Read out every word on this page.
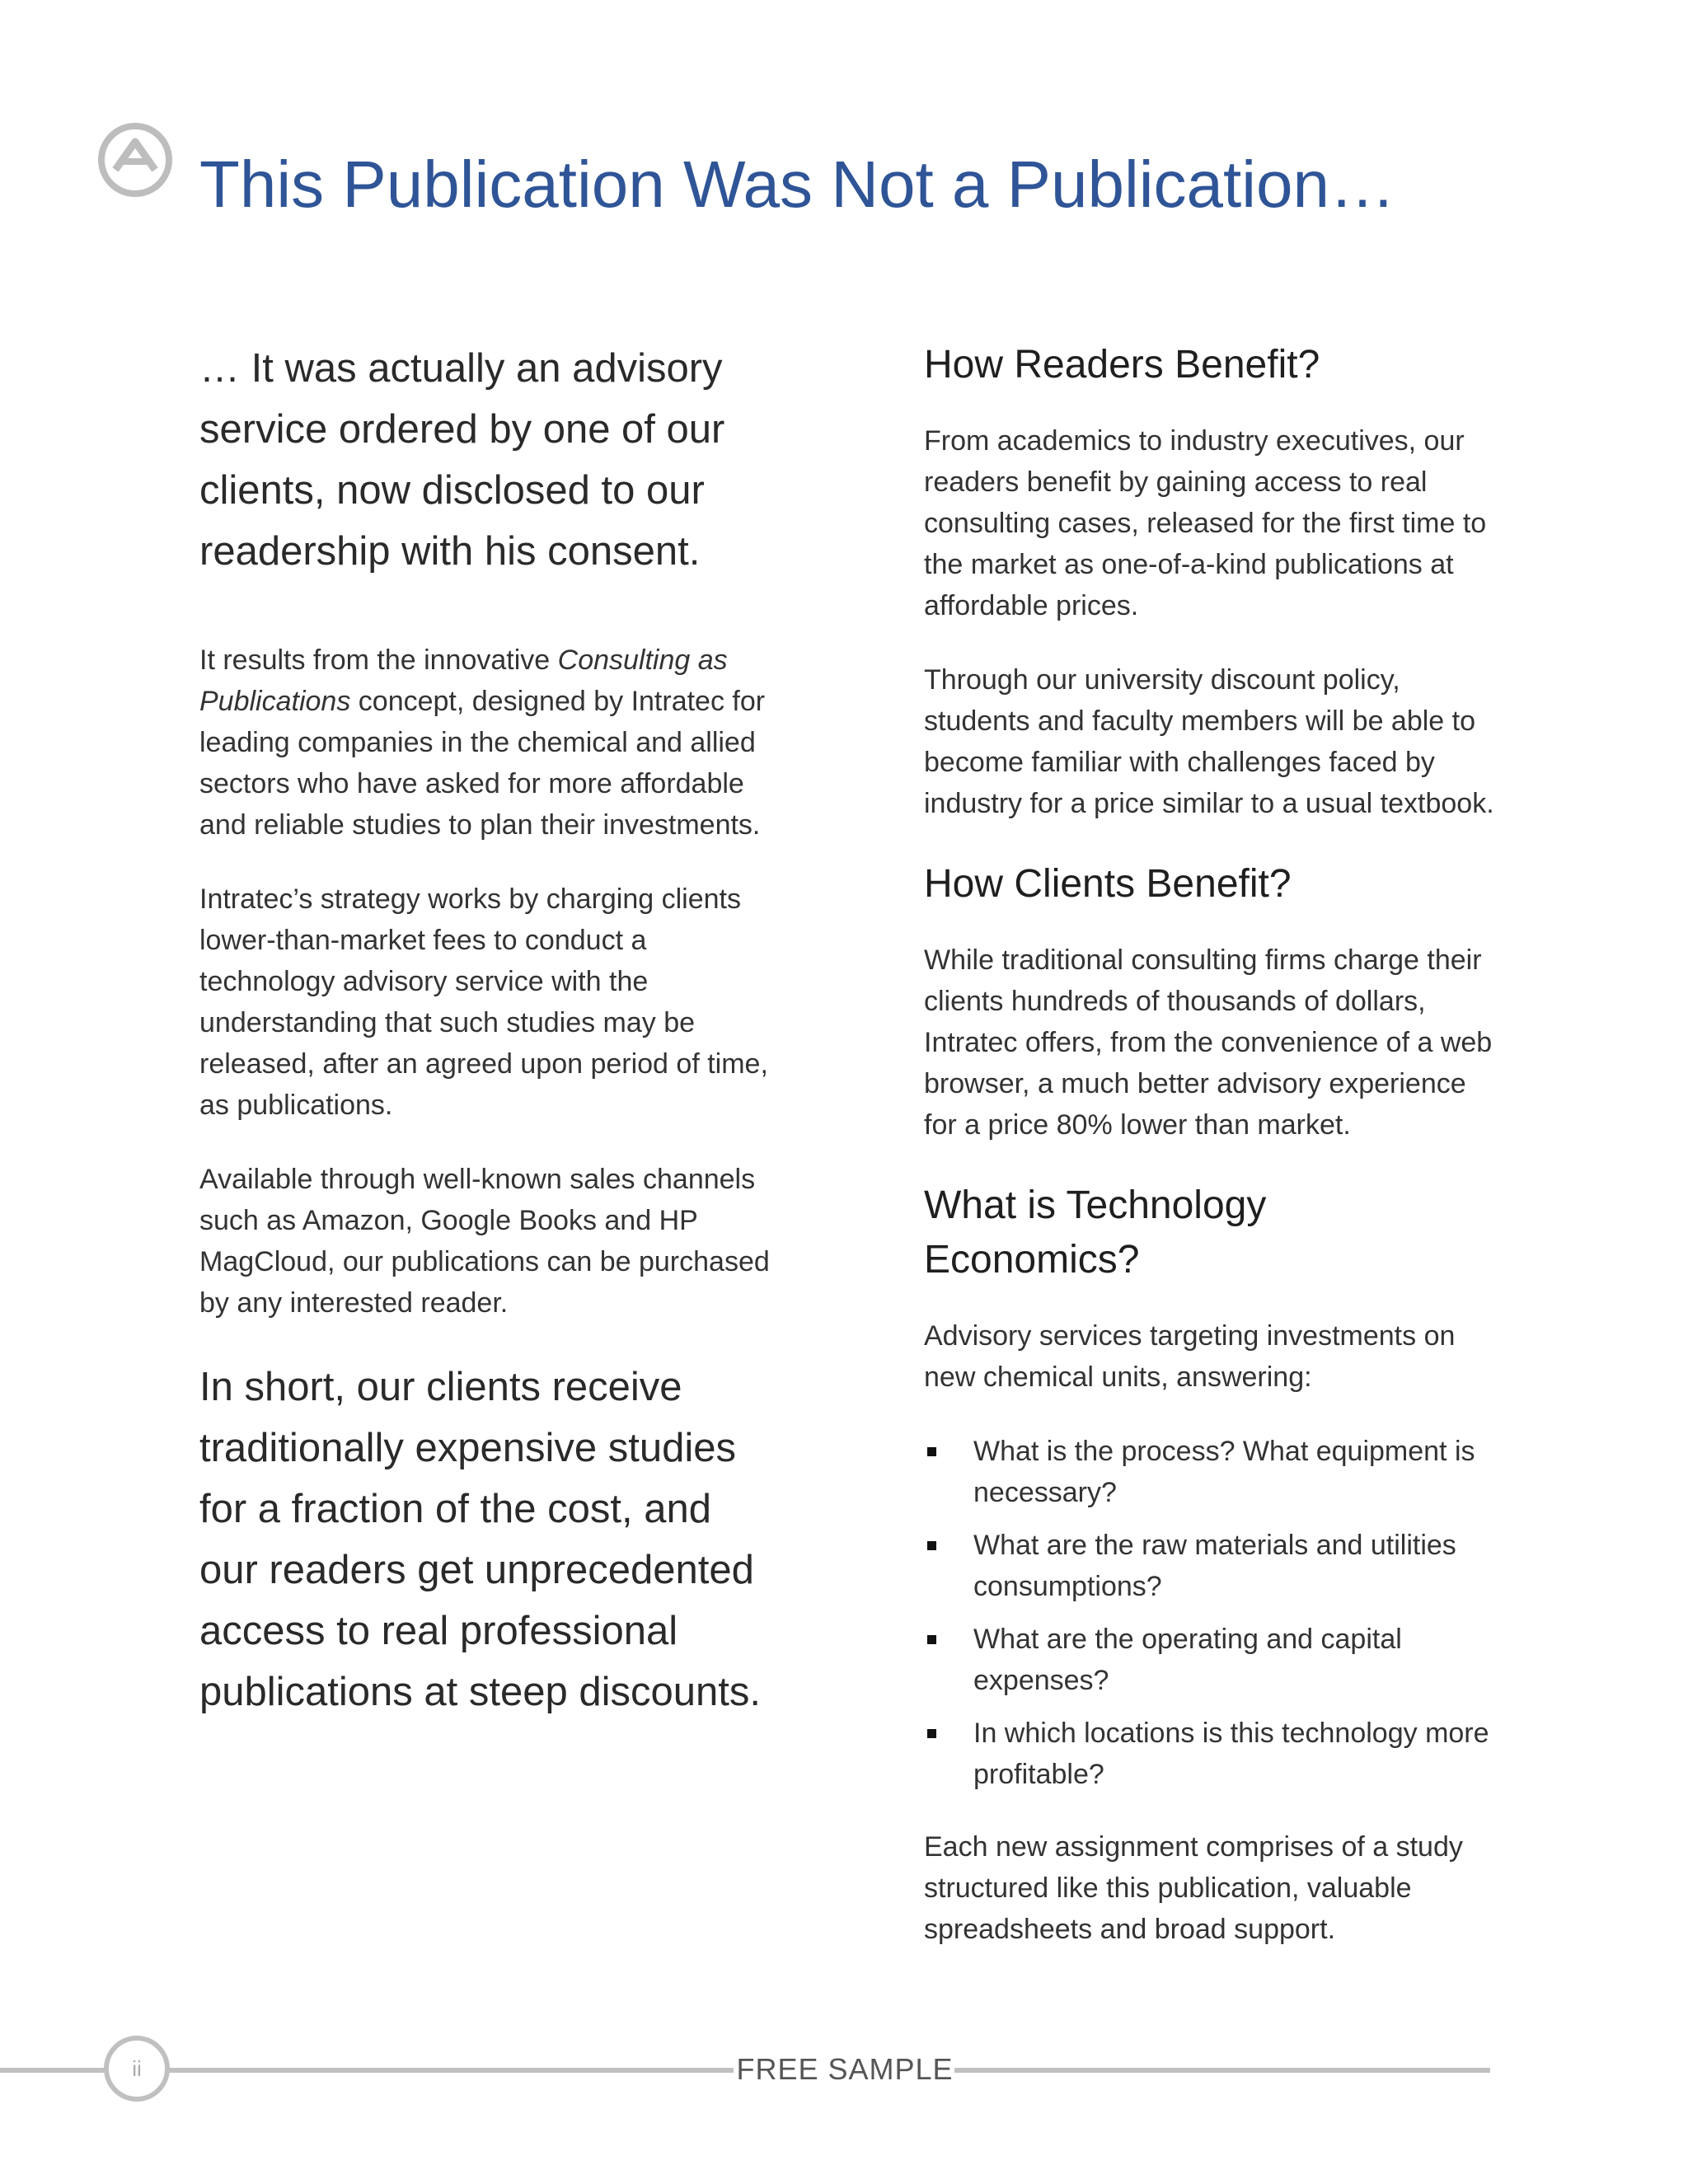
This Publication Was Not a Publication…

… It was actually an advisory service ordered by one of our clients, now disclosed to our readership with his consent.

It results from the innovative Consulting as Publications concept, designed by Intratec for leading companies in the chemical and allied sectors who have asked for more affordable and reliable studies to plan their investments.

Intratec’s strategy works by charging clients lower-than-market fees to conduct a technology advisory service with the understanding that such studies may be released, after an agreed upon period of time, as publications.

Available through well-known sales channels such as Amazon, Google Books and HP MagCloud, our publications can be purchased by any interested reader.

In short, our clients receive traditionally expensive studies for a fraction of the cost, and our readers get unprecedented access to real professional publications at steep discounts.

How Readers Benefit?

From academics to industry executives, our readers benefit by gaining access to real consulting cases, released for the first time to the market as one-of-a-kind publications at affordable prices.

Through our university discount policy, students and faculty members will be able to become familiar with challenges faced by industry for a price similar to a usual textbook.

How Clients Benefit?

While traditional consulting firms charge their clients hundreds of thousands of dollars, Intratec offers, from the convenience of a web browser, a much better advisory experience for a price 80% lower than market.

What is Technology Economics?

Advisory services targeting investments on new chemical units, answering:

What is the process? What equipment is necessary?
What are the raw materials and utilities consumptions?
What are the operating and capital expenses?
In which locations is this technology more profitable?

Each new assignment comprises of a study structured like this publication, valuable spreadsheets and broad support.

ii	FREE SAMPLE
